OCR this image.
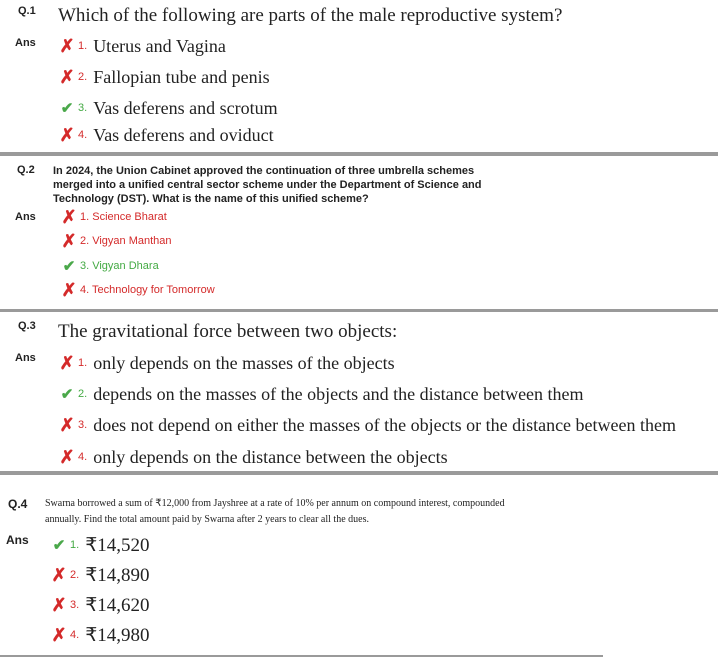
Q.1 Which of the following are parts of the male reproductive system?
Ans ✗ 1. Uterus and Vagina
✗ 2. Fallopian tube and penis
✔ 3. Vas deferens and scrotum
✗ 4. Vas deferens and oviduct
Q.2 In 2024, the Union Cabinet approved the continuation of three umbrella schemes
merged into a unified central sector scheme under the Department of Science and
Technology (DST). What is the name of this unified scheme?
Ans ✗ 1. Science Bharat
✗ 2. Vigyan Manthan
✔ 3. Vigyan Dhara
✗ 4. Technology for Tomorrow
Q.3 The gravitational force between two objects:
Ans ✗ 1. only depends on the masses of the objects
✔ 2. depends on the masses of the objects and the distance between them
✗ 3. does not depend on either the masses of the objects or the distance between them
✗ 4. only depends on the distance between the objects
Q.4 Swarna borrowed a sum of ₹12,000 from Jayshree at a rate of 10% per annum on compound interest, compounded
annually. Find the total amount paid by Swarna after 2 years to clear all the dues.
Ans ✔ 1. ₹14,520
✗ 2. ₹14,890
✗ 3. ₹14,620
✗ 4. ₹14,980
